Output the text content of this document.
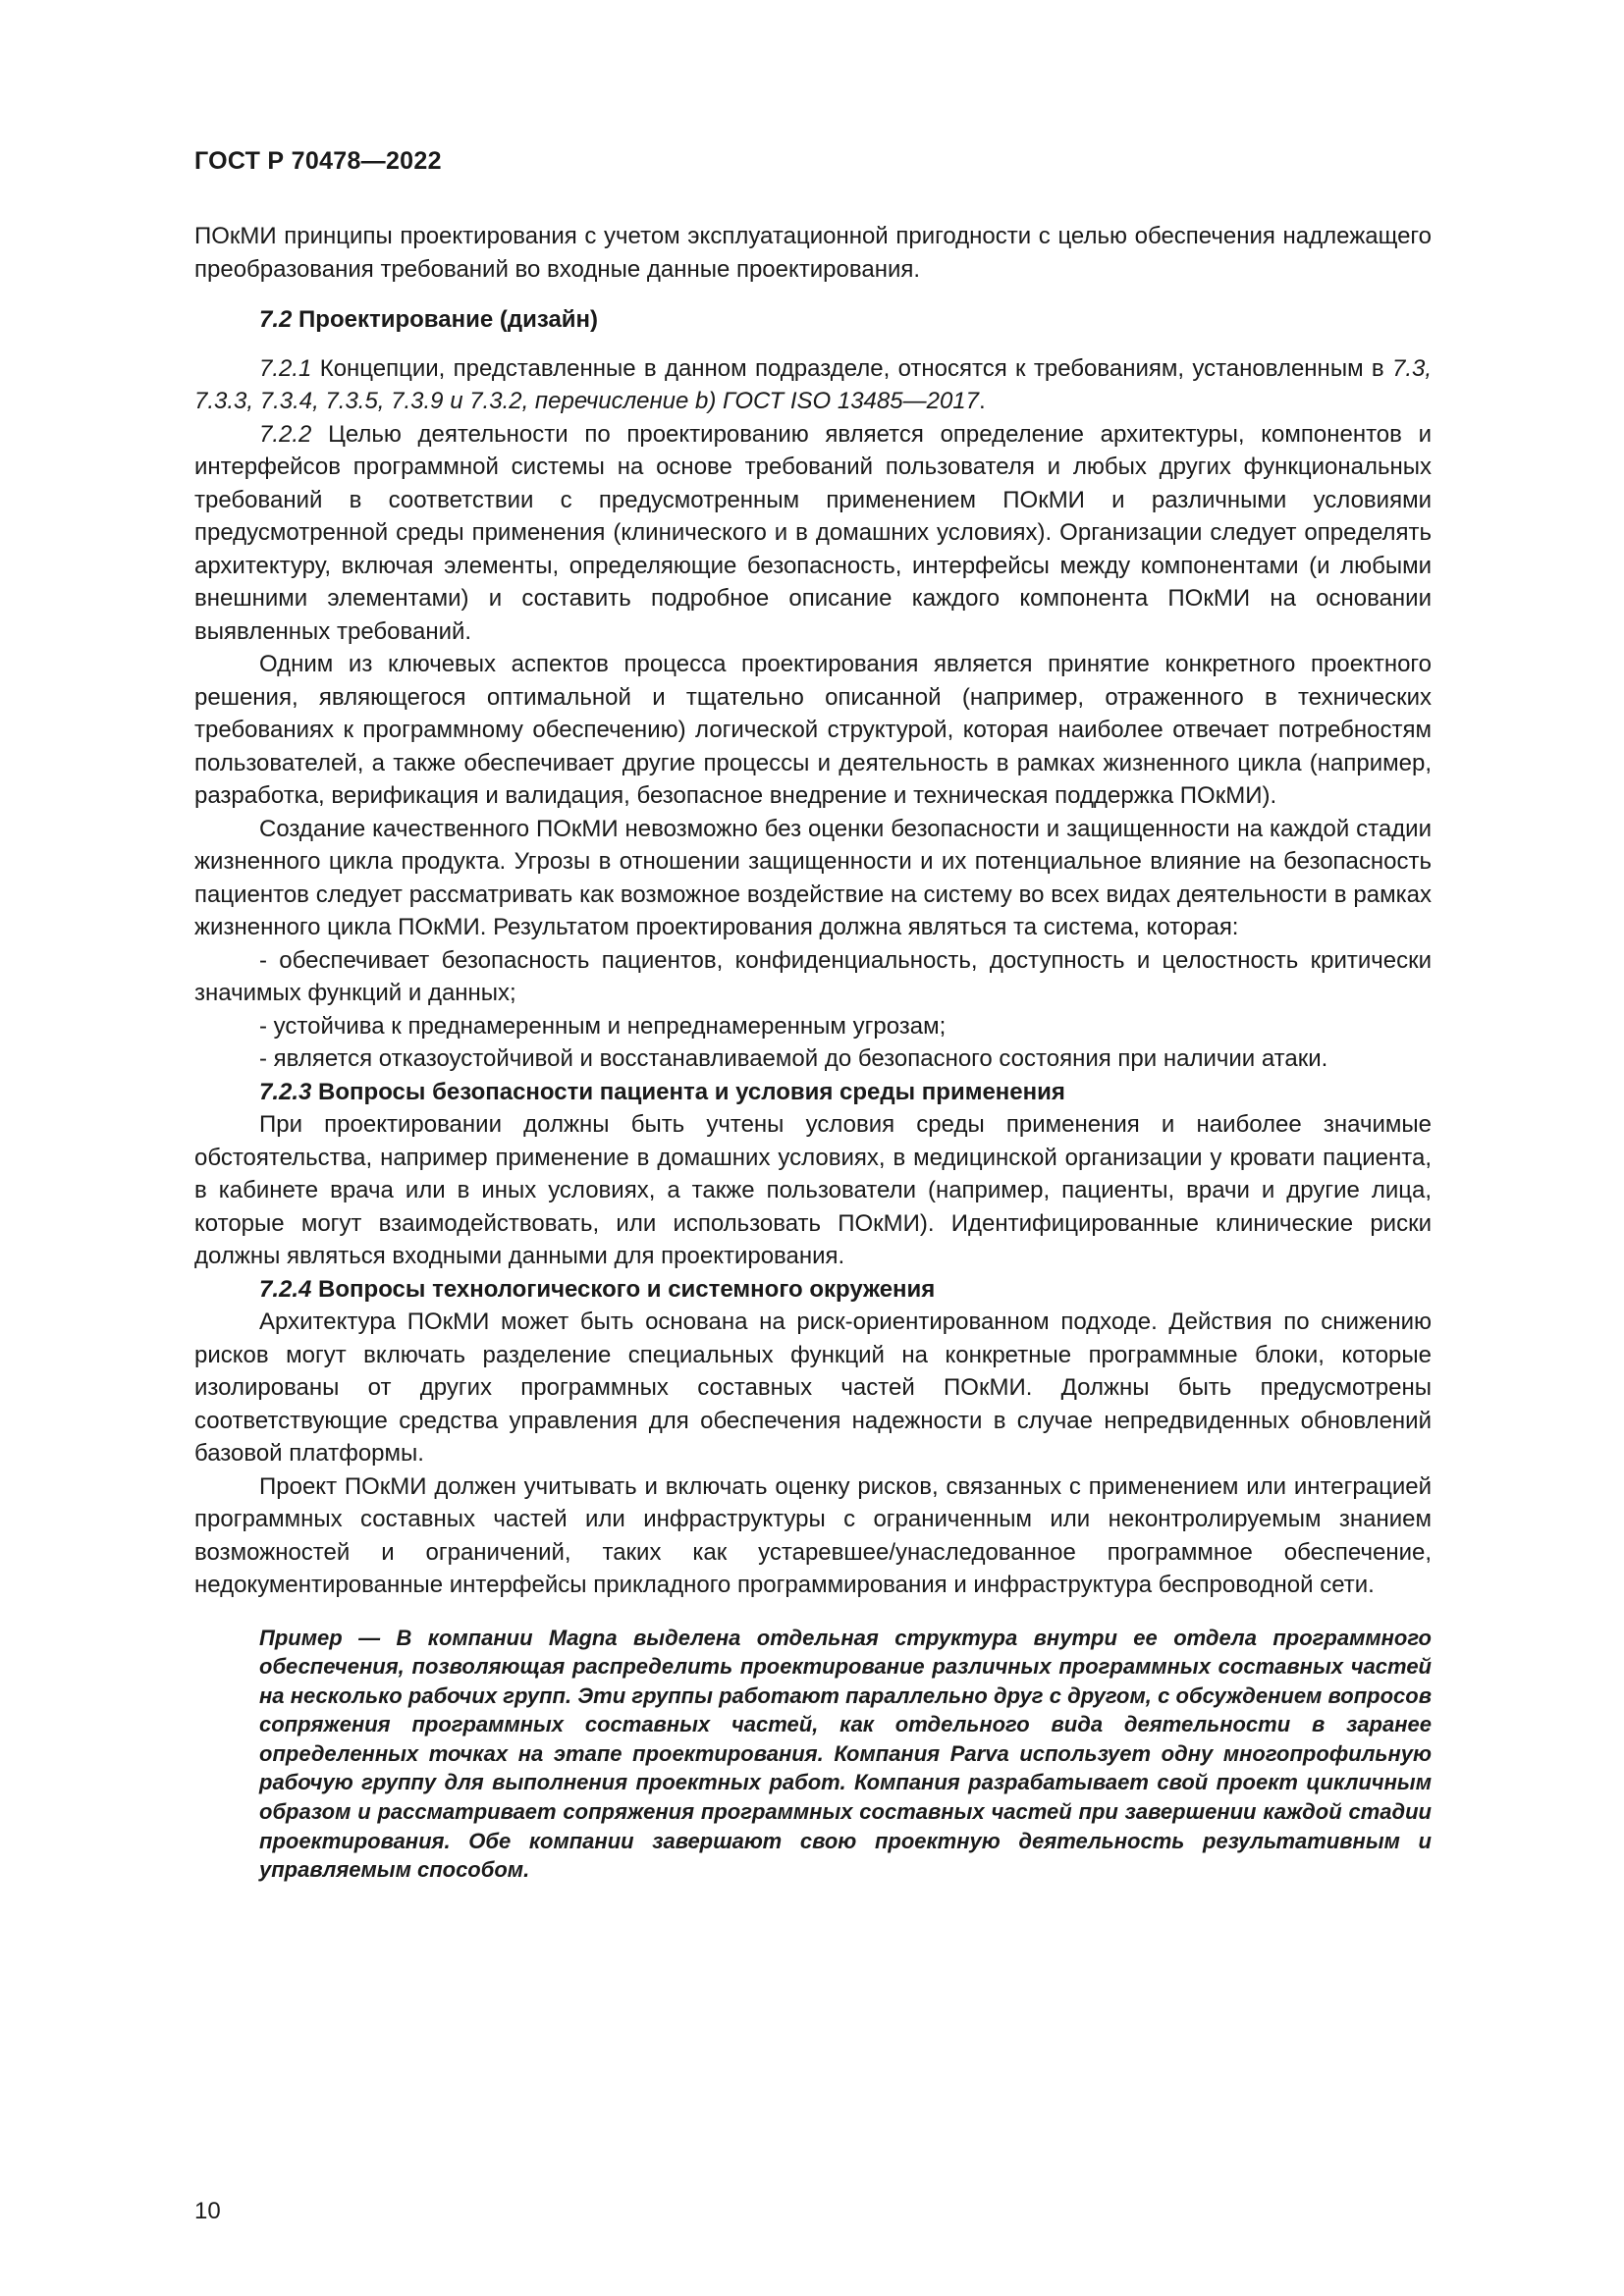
ГОСТ Р 70478—2022

ПОкМИ принципы проектирования с учетом эксплуатационной пригодности с целью обеспечения надлежащего преобразования требований во входные данные проектирования.

7.2 Проектирование (дизайн)

7.2.1 Концепции, представленные в данном подразделе, относятся к требованиям, установленным в 7.3, 7.3.3, 7.3.4, 7.3.5, 7.3.9 и 7.3.2, перечисление b) ГОСТ ISO 13485—2017.

7.2.2 Целью деятельности по проектированию является определение архитектуры, компонентов и интерфейсов программной системы на основе требований пользователя и любых других функциональных требований в соответствии с предусмотренным применением ПОкМИ и различными условиями предусмотренной среды применения (клинического и в домашних условиях). Организации следует определять архитектуру, включая элементы, определяющие безопасность, интерфейсы между компонентами (и любыми внешними элементами) и составить подробное описание каждого компонента ПОкМИ на основании выявленных требований.

Одним из ключевых аспектов процесса проектирования является принятие конкретного проектного решения, являющегося оптимальной и тщательно описанной (например, отраженного в технических требованиях к программному обеспечению) логической структурой, которая наиболее отвечает потребностям пользователей, а также обеспечивает другие процессы и деятельность в рамках жизненного цикла (например, разработка, верификация и валидация, безопасное внедрение и техническая поддержка ПОкМИ).

Создание качественного ПОкМИ невозможно без оценки безопасности и защищенности на каждой стадии жизненного цикла продукта. Угрозы в отношении защищенности и их потенциальное влияние на безопасность пациентов следует рассматривать как возможное воздействие на систему во всех видах деятельности в рамках жизненного цикла ПОкМИ. Результатом проектирования должна являться та система, которая:

- обеспечивает безопасность пациентов, конфиденциальность, доступность и целостность критически значимых функций и данных;

- устойчива к преднамеренным и непреднамеренным угрозам;

- является отказоустойчивой и восстанавливаемой до безопасного состояния при наличии атаки.

7.2.3 Вопросы безопасности пациента и условия среды применения

При проектировании должны быть учтены условия среды применения и наиболее значимые обстоятельства, например применение в домашних условиях, в медицинской организации у кровати пациента, в кабинете врача или в иных условиях, а также пользователи (например, пациенты, врачи и другие лица, которые могут взаимодействовать, или использовать ПОкМИ). Идентифицированные клинические риски должны являться входными данными для проектирования.

7.2.4 Вопросы технологического и системного окружения

Архитектура ПОкМИ может быть основана на риск-ориентированном подходе. Действия по снижению рисков могут включать разделение специальных функций на конкретные программные блоки, которые изолированы от других программных составных частей ПОкМИ. Должны быть предусмотрены соответствующие средства управления для обеспечения надежности в случае непредвиденных обновлений базовой платформы.

Проект ПОкМИ должен учитывать и включать оценку рисков, связанных с применением или интеграцией программных составных частей или инфраструктуры с ограниченным или неконтролируемым знанием возможностей и ограничений, таких как устаревшее/унаследованное программное обеспечение, недокументированные интерфейсы прикладного программирования и инфраструктура беспроводной сети.

Пример — В компании Magna выделена отдельная структура внутри ее отдела программного обеспечения, позволяющая распределить проектирование различных программных составных частей на несколько рабочих групп. Эти группы работают параллельно друг с другом, с обсуждением вопросов сопряжения программных составных частей, как отдельного вида деятельности в заранее определенных точках на этапе проектирования. Компания Parva использует одну многопрофильную рабочую группу для выполнения проектных работ. Компания разрабатывает свой проект цикличным образом и рассматривает сопряжения программных составных частей при завершении каждой стадии проектирования. Обе компании завершают свою проектную деятельность результативным и управляемым способом.

10
